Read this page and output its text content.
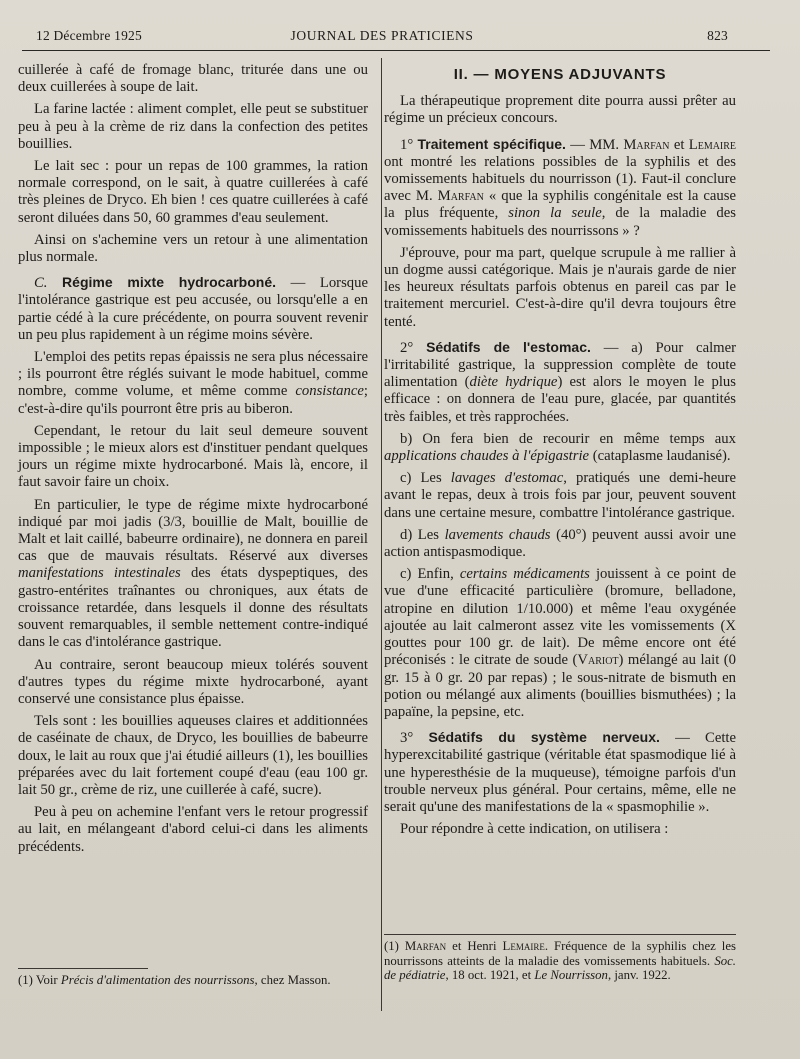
12 Décembre 1925	JOURNAL DES PRATICIENS	823

cuillerée à café de fromage blanc, triturée dans une ou deux cuillerées à soupe de lait.

La farine lactée : aliment complet, elle peut se substituer peu à peu à la crème de riz dans la confection des petites bouillies.

Le lait sec : pour un repas de 100 grammes, la ration normale correspond, on le sait, à quatre cuillerées à café très pleines de Dryco. Eh bien ! ces quatre cuillerées à café seront diluées dans 50, 60 grammes d'eau seulement.

Ainsi on s'achemine vers un retour à une alimentation plus normale.

C. Régime mixte hydrocarboné. — Lorsque l'intolérance gastrique est peu accusée, ou lorsqu'elle a en partie cédé à la cure précédente, on pourra souvent revenir un peu plus rapidement à un régime moins sévère.

L'emploi des petits repas épaissis ne sera plus nécessaire ; ils pourront être réglés suivant le mode habituel, comme nombre, comme volume, et même comme consistance; c'est-à-dire qu'ils pourront être pris au biberon.

Cependant, le retour du lait seul demeure souvent impossible ; le mieux alors est d'instituer pendant quelques jours un régime mixte hydrocarboné. Mais là, encore, il faut savoir faire un choix.

En particulier, le type de régime mixte hydrocarboné indiqué par moi jadis (3/3, bouillie de Malt, bouillie de Malt et lait caillé, babeurre ordinaire), ne donnera en pareil cas que de mauvais résultats. Réservé aux diverses manifestations intestinales des états dyspeptiques, des gastro-entérites traînantes ou chroniques, aux états de croissance retardée, dans lesquels il donne des résultats souvent remarquables, il semble nettement contre-indiqué dans le cas d'intolérance gastrique.

Au contraire, seront beaucoup mieux tolérés souvent d'autres types du régime mixte hydrocarboné, ayant conservé une consistance plus épaisse.

Tels sont : les bouillies aqueuses claires et additionnées de caséinate de chaux, de Dryco, les bouillies de babeurre doux, le lait au roux que j'ai étudié ailleurs (1), les bouillies préparées avec du lait fortement coupé d'eau (eau 100 gr. lait 50 gr., crème de riz, une cuillerée à café, sucre).

Peu à peu on achemine l'enfant vers le retour progressif au lait, en mélangeant d'abord celui-ci dans les aliments précédents.

(1) Voir Précis d'alimentation des nourrissons, chez Masson.

II. — MOYENS ADJUVANTS

La thérapeutique proprement dite pourra aussi prêter au régime un précieux concours.

1° Traitement spécifique. — MM. Marfan et Lemaire ont montré les relations possibles de la syphilis et des vomissements habituels du nourrisson (1). Faut-il conclure avec M. Marfan « que la syphilis congénitale est la cause la plus fréquente, sinon la seule, de la maladie des vomissements habituels des nourrissons » ?

J'éprouve, pour ma part, quelque scrupule à me rallier à un dogme aussi catégorique. Mais je n'aurais garde de nier les heureux résultats parfois obtenus en pareil cas par le traitement mercuriel. C'est-à-dire qu'il devra toujours être tenté.

2° Sédatifs de l'estomac. — a) Pour calmer l'irritabilité gastrique, la suppression complète de toute alimentation (diète hydrique) est alors le moyen le plus efficace : on donnera de l'eau pure, glacée, par quantités très faibles, et très rapprochées.

b) On fera bien de recourir en même temps aux applications chaudes à l'épigastrie (cataplasme laudanisé).

c) Les lavages d'estomac, pratiqués une demi-heure avant le repas, deux à trois fois par jour, peuvent souvent dans une certaine mesure, combattre l'intolérance gastrique.

d) Les lavements chauds (40°) peuvent aussi avoir une action antispasmodique.

c) Enfin, certains médicaments jouissent à ce point de vue d'une efficacité particulière (bromure, belladone, atropine en dilution 1/10.000) et même l'eau oxygénée ajoutée au lait calmeront assez vite les vomissements (X gouttes pour 100 gr. de lait). De même encore ont été préconisés : le citrate de soude (Variot) mélangé au lait (0 gr. 15 à 0 gr. 20 par repas) ; le sous-nitrate de bismuth en potion ou mélangé aux aliments (bouillies bismuthées) ; la papaïne, la pepsine, etc.

3° Sédatifs du système nerveux. — Cette hyperexcitabilité gastrique (véritable état spasmodique lié à une hyperesthésie de la muqueuse), témoigne parfois d'un trouble nerveux plus général. Pour certains, même, elle ne serait qu'une des manifestations de la « spasmophilie ».

Pour répondre à cette indication, on utilisera :

(1) Marfan et Henri Lemaire. Fréquence de la syphilis chez les nourrissons atteints de la maladie des vomissements habituels. Soc. de pédiatrie, 18 oct. 1921, et Le Nourrisson, janv. 1922.
